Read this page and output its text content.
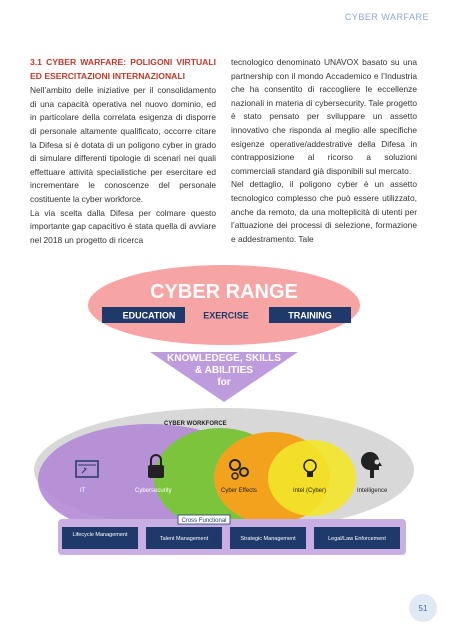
CYBER WARFARE
3.1 CYBER WARFARE: POLIGONI VIRTUALI ED ESERCITAZIONI INTERNAZIONALI

Nell’ambito delle iniziative per il consolidamento di una capacità operativa nel nuovo dominio, ed in particolare della correlata esigenza di disporre di personale altamente qualificato, occorre citare la Difesa si è dotata di un poligono cyber in grado di simulare differenti tipologie di scenari nei quali effettuare attività specialistiche per esercitare ed incrementare le conoscenze del personale costituente la cyber workforce.

La via scelta dalla Difesa per colmare questo importante gap capacitivo è stata quella di avviare nel 2018 un progetto di ricerca

tecnologico denominato UNAVOX basato su una partnership con il mondo Accademico e l’Industria che ha consentito di raccogliere le eccellenze nazionali in materia di cybersecurity. Tale progetto è stato pensato per sviluppare un assetto innovativo che risponda al meglio alle specifiche esigenze operative/addestrative della Difesa in contrapposizione al ricorso a soluzioni commerciali standard già disponibili sul mercato.

Nel dettaglio, il poligono cyber è un assetto tecnologico complesso che può essere utilizzato, anche da remoto, da una molteplicità di utenti per l’attuazione dei processi di selezione, formazione e addestramento. Tale

CYBER RANGE
EDUCATION	EXERCISE	TRAINING
KNOWLEDEGE, SKILLS
& ABILITIES
for
CYBER WORKFORCE
IT	Cybersecurity	Cyber Effects	Intel (Cyber)	Intelligence
Cross Functional
Lifecycle Management
Talent Management	Strategic Management	Legal/Law Enforcement
51
